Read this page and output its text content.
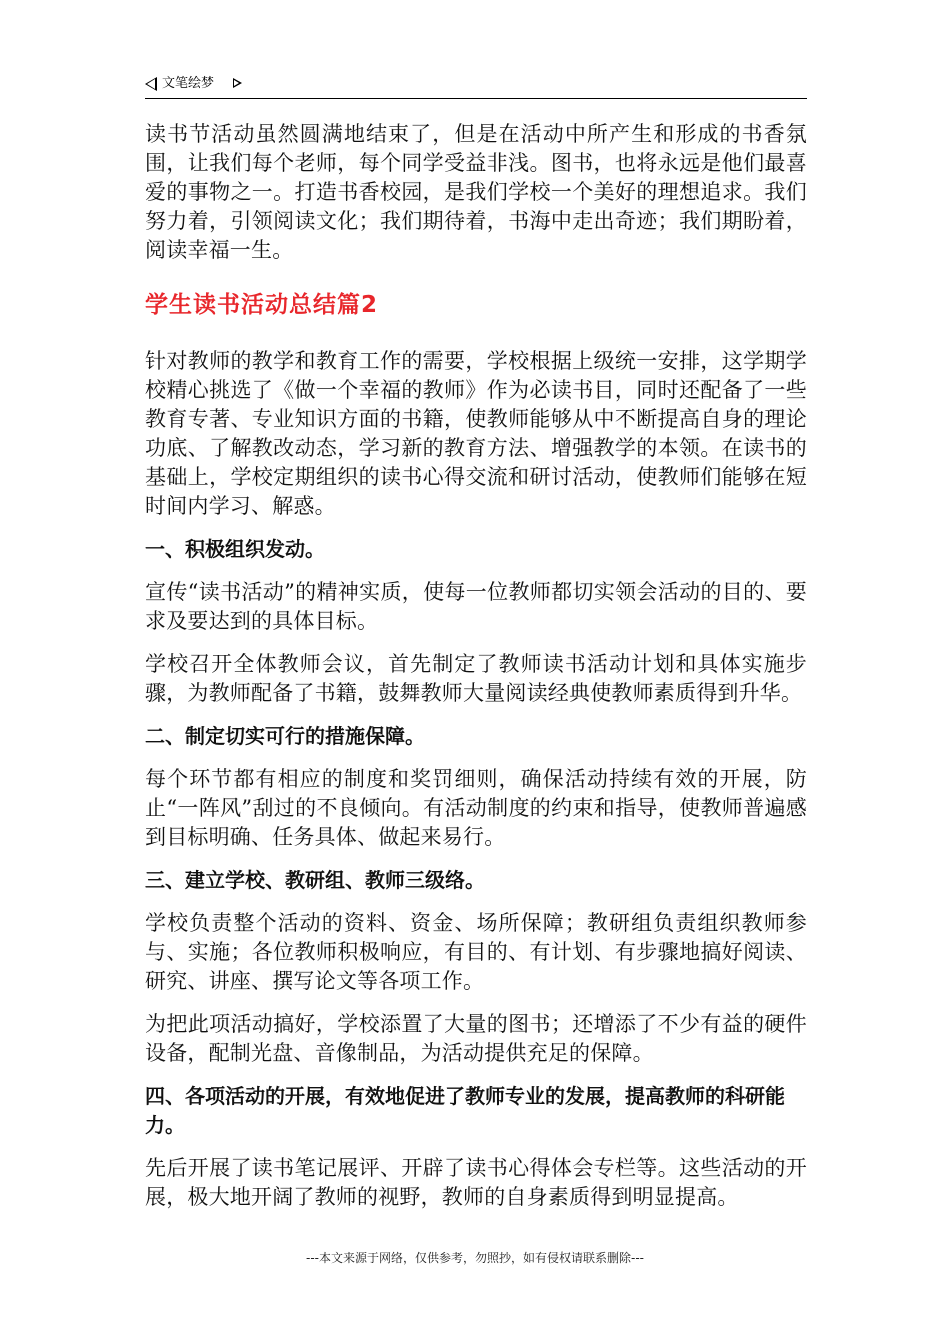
文笔绘梦

读书节活动虽然圆满地结束了，但是在活动中所产生和形成的书香氛围，让我们每个老师，每个同学受益非浅。图书，也将永远是他们最喜爱的事物之一。打造书香校园，是我们学校一个美好的理想追求。我们努力着，引领阅读文化；我们期待着，书海中走出奇迹；我们期盼着，阅读幸福一生。

学生读书活动总结篇2

针对教师的教学和教育工作的需要，学校根据上级统一安排，这学期学校精心挑选了《做一个幸福的教师》作为必读书目，同时还配备了一些教育专著、专业知识方面的书籍，使教师能够从中不断提高自身的理论功底、了解教改动态，学习新的教育方法、增强教学的本领。在读书的基础上，学校定期组织的读书心得交流和研讨活动，使教师们能够在短时间内学习、解惑。

一、积极组织发动。

宣传“读书活动”的精神实质，使每一位教师都切实领会活动的目的、要求及要达到的具体目标。

学校召开全体教师会议，首先制定了教师读书活动计划和具体实施步骤，为教师配备了书籍，鼓舞教师大量阅读经典使教师素质得到升华。

二、制定切实可行的措施保障。

每个环节都有相应的制度和奖罚细则，确保活动持续有效的开展，防止“一阵风”刮过的不良倾向。有活动制度的约束和指导，使教师普遍感到目标明确、任务具体、做起来易行。

三、建立学校、教研组、教师三级络。

学校负责整个活动的资料、资金、场所保障；教研组负责组织教师参与、实施；各位教师积极响应，有目的、有计划、有步骤地搞好阅读、研究、讲座、撰写论文等各项工作。

为把此项活动搞好，学校添置了大量的图书；还增添了不少有益的硬件设备，配制光盘、音像制品，为活动提供充足的保障。

四、各项活动的开展，有效地促进了教师专业的发展，提高教师的科研能力。

先后开展了读书笔记展评、开辟了读书心得体会专栏等。这些活动的开展，极大地开阔了教师的视野，教师的自身素质得到明显提高。

---本文来源于网络，仅供参考，勿照抄，如有侵权请联系删除---
